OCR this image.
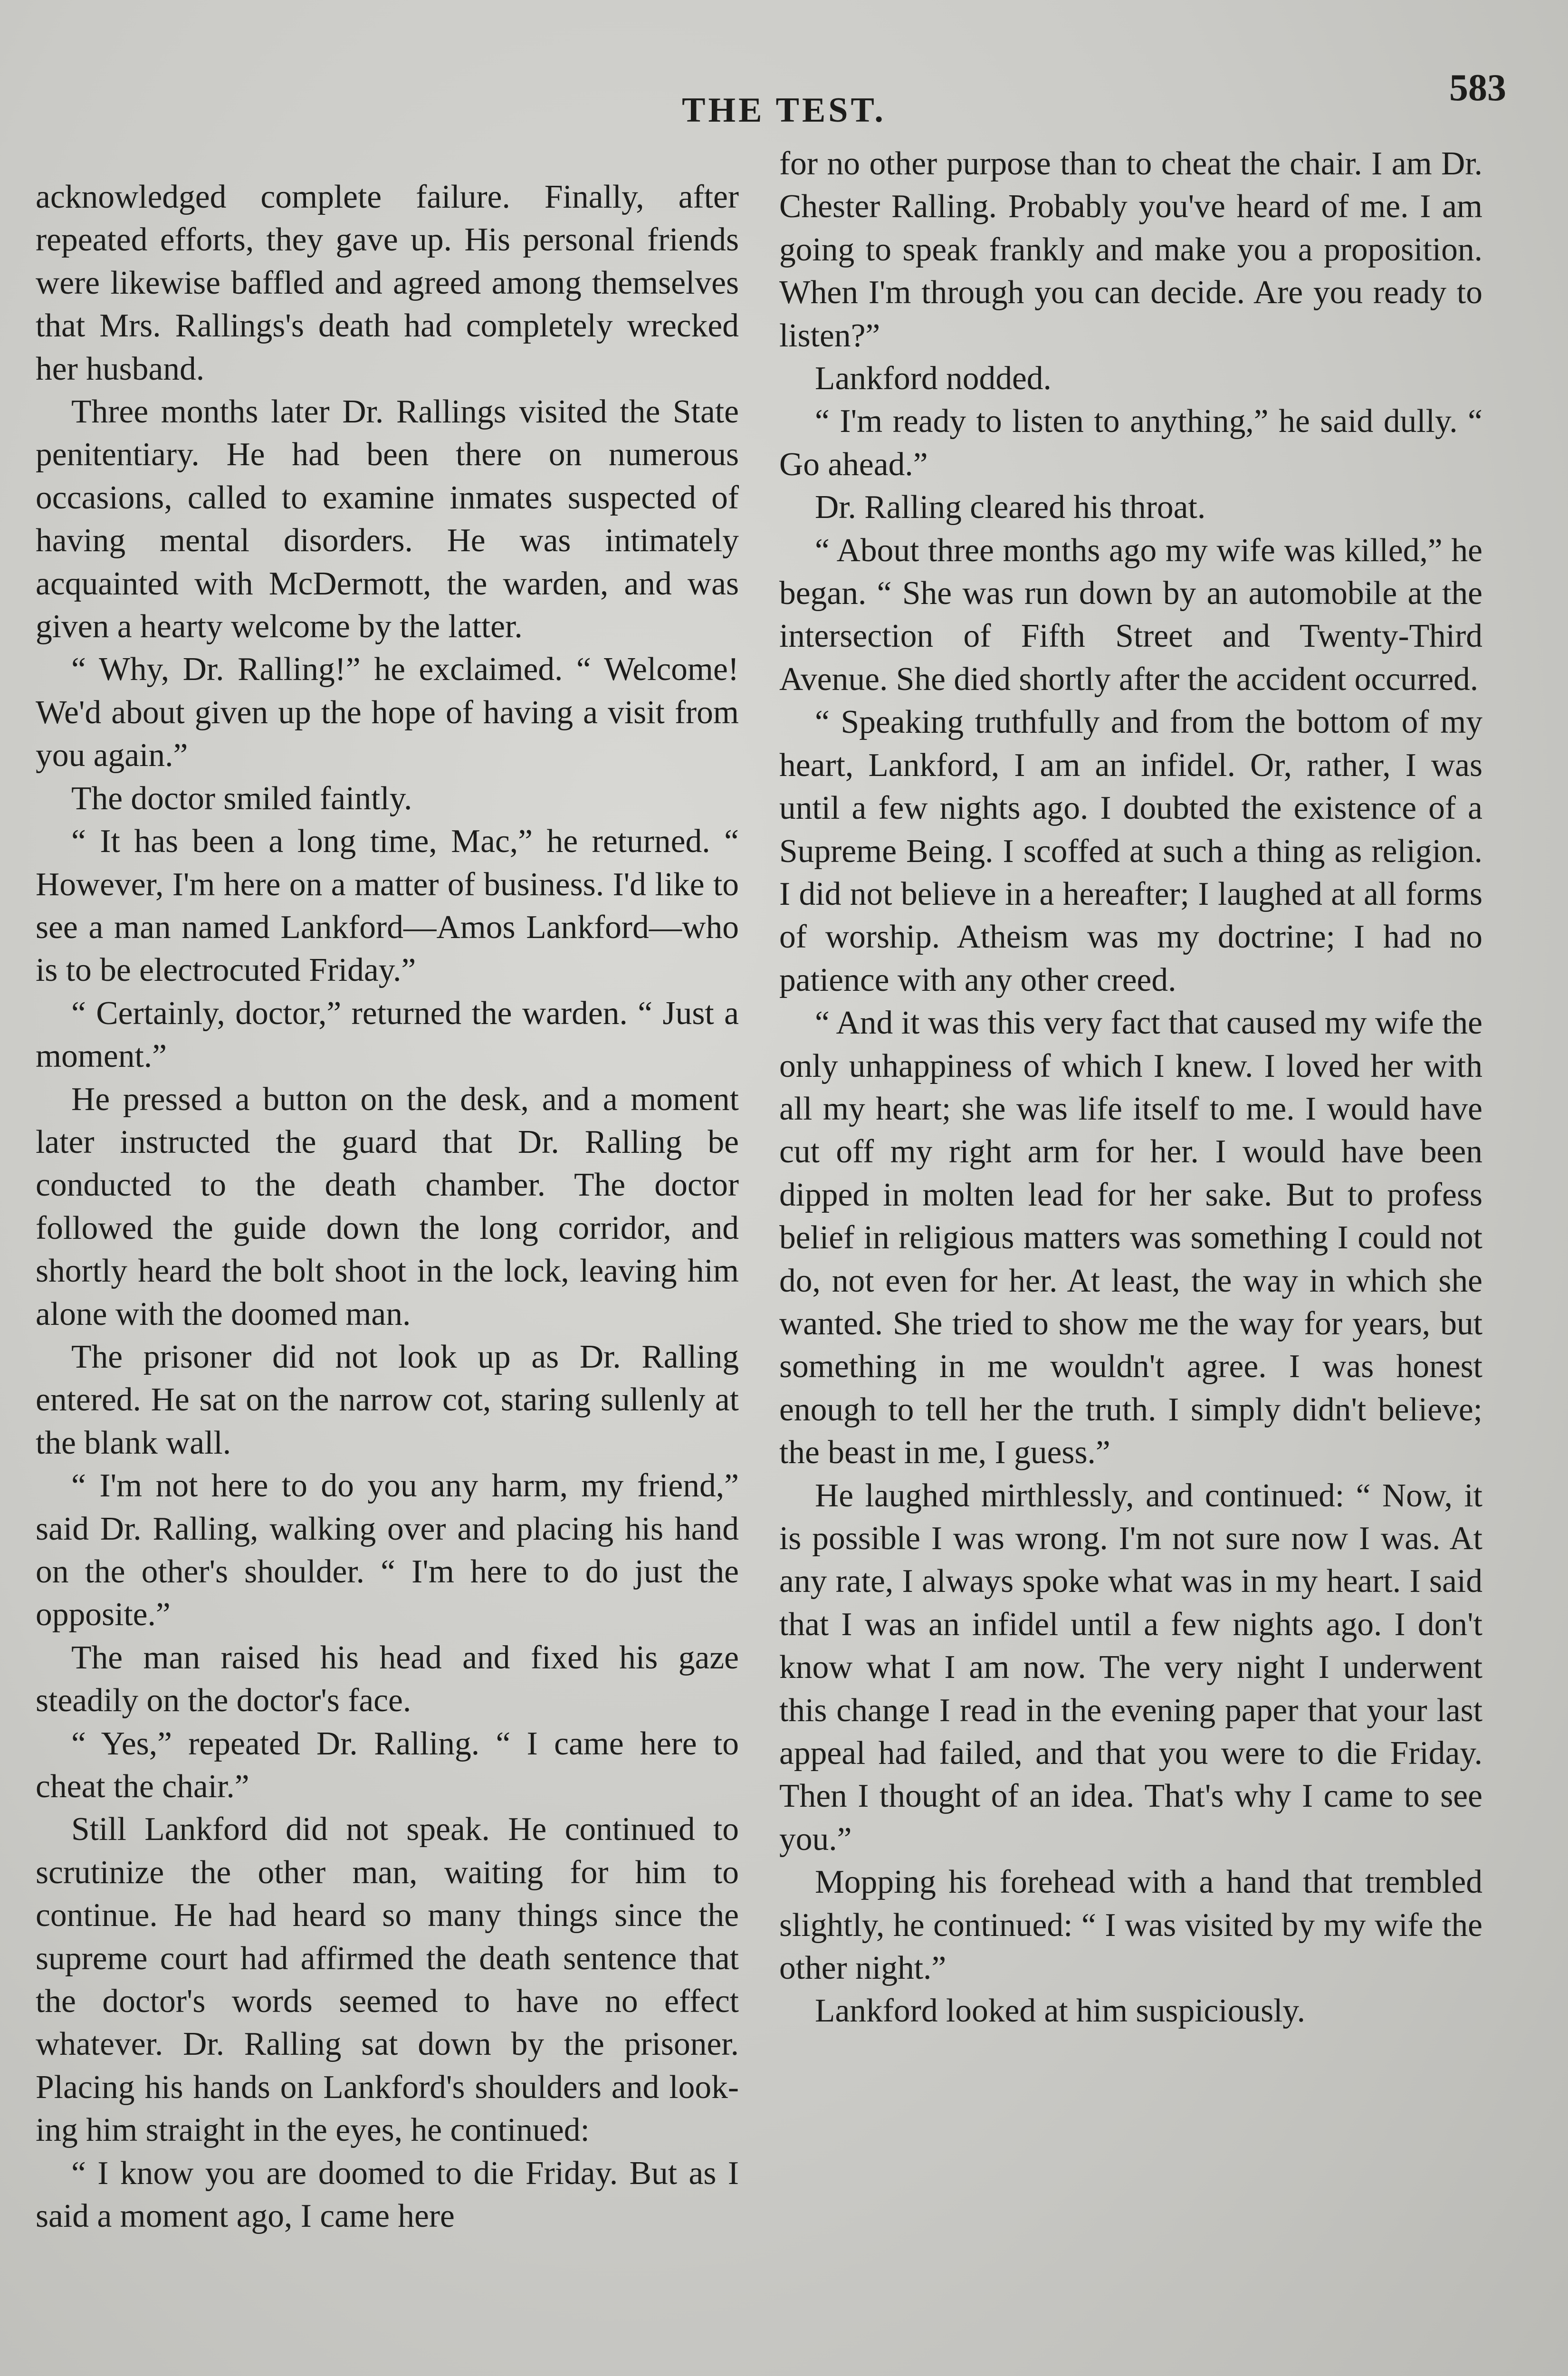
THE TEST.
583

acknowledged complete failure. Finally, after repeated efforts, they gave up. His personal friends were likewise baffled and agreed among themselves that Mrs. Rallings's death had completely wrecked her husband.

Three months later Dr. Rallings visited the State penitentiary. He had been there on numerous occasions, called to examine inmates suspected of having mental disorders. He was intimately acquainted with McDermott, the warden, and was given a hearty welcome by the latter.

“ Why, Dr. Ralling!” he exclaimed. “ Welcome! We'd about given up the hope of having a visit from you again.”

The doctor smiled faintly.

“ It has been a long time, Mac,” he returned. “ However, I'm here on a matter of business. I'd like to see a man named Lankford—Amos Lankford—who is to be electrocuted Friday.”

“ Certainly, doctor,” returned the warden. “ Just a moment.”

He pressed a button on the desk, and a moment later instructed the guard that Dr. Ralling be conducted to the death chamber. The doctor followed the guide down the long corridor, and shortly heard the bolt shoot in the lock, leaving him alone with the doomed man.

The prisoner did not look up as Dr. Ralling entered. He sat on the narrow cot, staring sullenly at the blank wall.

“ I'm not here to do you any harm, my friend,” said Dr. Ralling, walking over and placing his hand on the other's shoulder. “ I'm here to do just the opposite.”

The man raised his head and fixed his gaze steadily on the doctor's face.

“ Yes,” repeated Dr. Ralling. “ I came here to cheat the chair.”

Still Lankford did not speak. He continued to scrutinize the other man, waiting for him to continue. He had heard so many things since the supreme court had affirmed the death sentence that the doctor's words seemed to have no effect whatever. Dr. Ralling sat down by the prisoner. Placing his hands on Lankford's shoulders and looking him straight in the eyes, he continued:

“ I know you are doomed to die Friday. But as I said a moment ago, I came here

for no other purpose than to cheat the chair. I am Dr. Chester Ralling. Probably you've heard of me. I am going to speak frankly and make you a proposition. When I'm through you can decide. Are you ready to listen?”

Lankford nodded.

“ I'm ready to listen to anything,” he said dully. “ Go ahead.”

Dr. Ralling cleared his throat.

“ About three months ago my wife was killed,” he began. “ She was run down by an automobile at the intersection of Fifth Street and Twenty-Third Avenue. She died shortly after the accident occurred.

“ Speaking truthfully and from the bottom of my heart, Lankford, I am an infidel. Or, rather, I was until a few nights ago. I doubted the existence of a Supreme Being. I scoffed at such a thing as religion. I did not believe in a hereafter; I laughed at all forms of worship. Atheism was my doctrine; I had no patience with any other creed.

“ And it was this very fact that caused my wife the only unhappiness of which I knew. I loved her with all my heart; she was life itself to me. I would have cut off my right arm for her. I would have been dipped in molten lead for her sake. But to profess belief in religious matters was something I could not do, not even for her. At least, the way in which she wanted. She tried to show me the way for years, but something in me wouldn't agree. I was honest enough to tell her the truth. I simply didn't believe; the beast in me, I guess.”

He laughed mirthlessly, and continued: “ Now, it is possible I was wrong. I'm not sure now I was. At any rate, I always spoke what was in my heart. I said that I was an infidel until a few nights ago. I don't know what I am now. The very night I underwent this change I read in the evening paper that your last appeal had failed, and that you were to die Friday. Then I thought of an idea. That's why I came to see you.”

Mopping his forehead with a hand that trembled slightly, he continued: “ I was visited by my wife the other night.”

Lankford looked at him suspiciously.
